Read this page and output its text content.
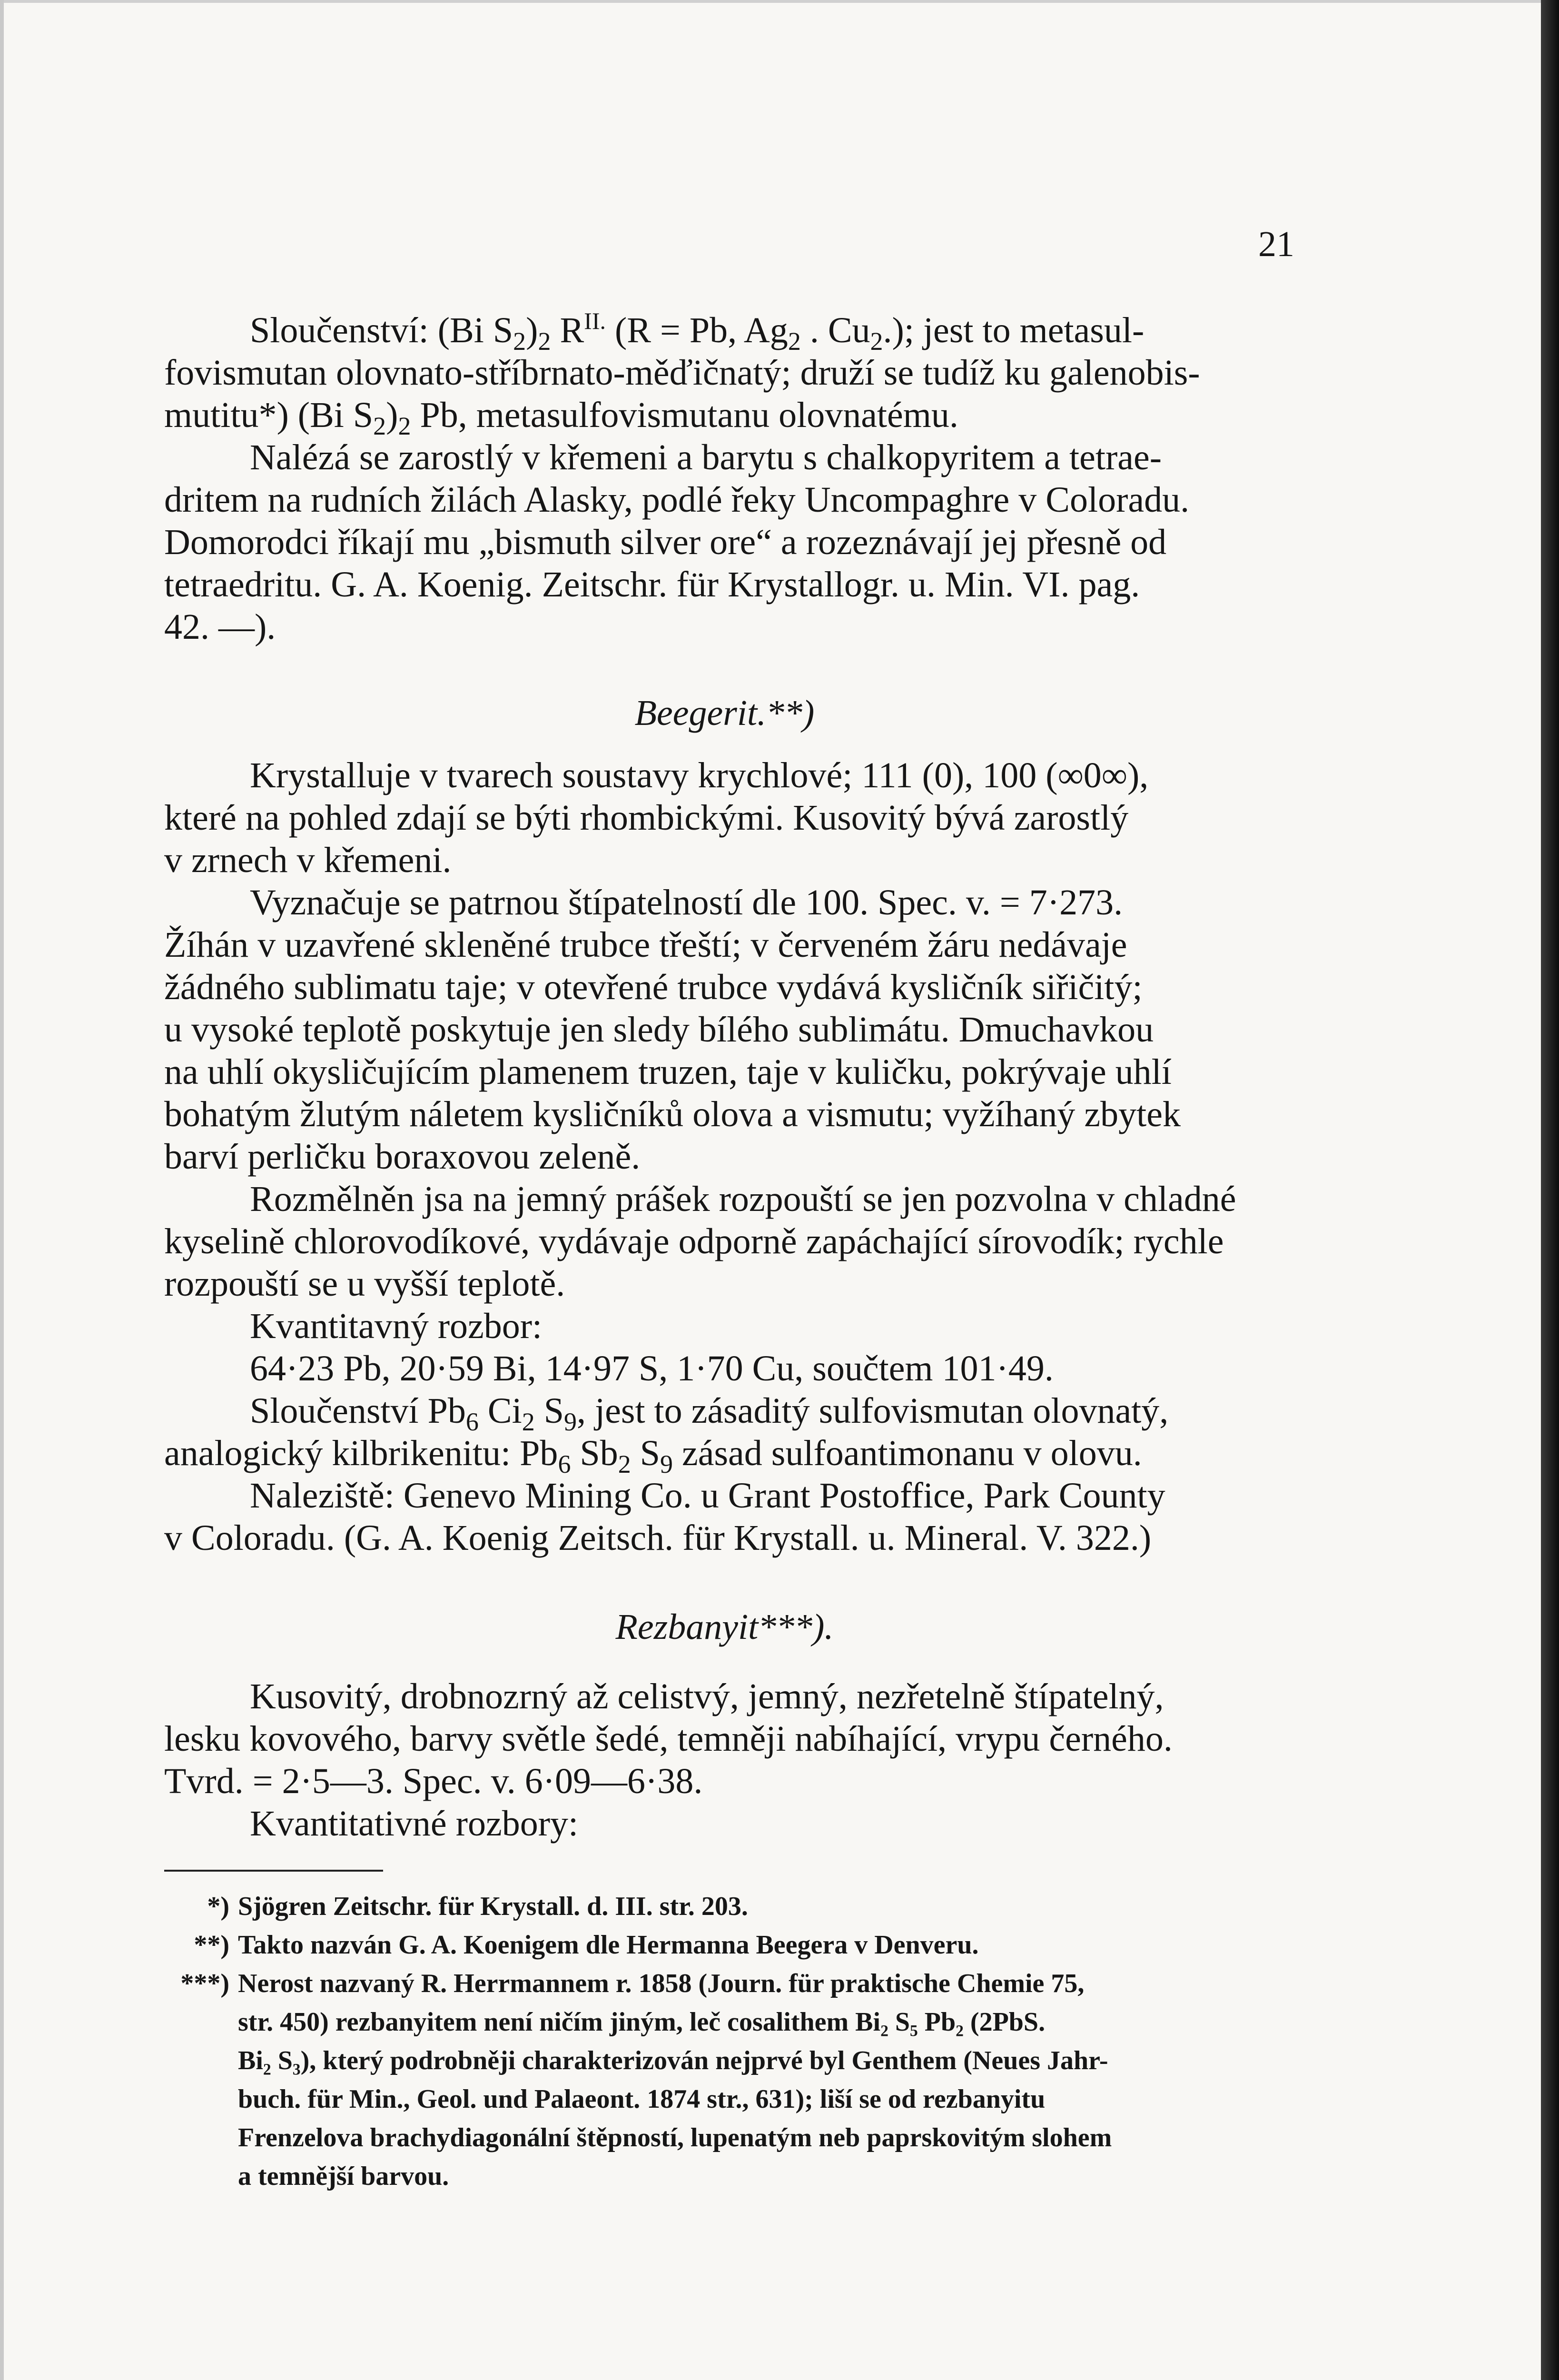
21

Sloučenství: (Bi $S_2)_2$ $R^{II.}$ (R = Pb, $Ag_2$ . $Cu_2$.); jest to metasul-
fovismutan olovnato-stříbrnato-měďičnatý; druží se tudíž ku galenobis-
mutitu*) (Bi $S_2)_2$ Pb, metasulfovismutanu olovnatému.

Nalézá se zarostlý v křemeni a barytu s chalkopyritem a tetrae-
dritem na rudních žilách Alasky, podlé řeky Uncompaghre v Coloradu.
Domorodci říkají mu „bismuth silver ore“ a rozeznávají jej přesně od
tetraedritu. G. A. Koenig. Zeitschr. für Krystallogr. u. Min. VI. pag.
42. —).

Beegerit.**)

Krystalluje v tvarech soustavy krychlové; 111 (0), 100 (∞0∞),
které na pohled zdají se býti rhombickými. Kusovitý bývá zarostlý
v zrnech v křemeni.

Vyznačuje se patrnou štípatelností dle 100. Spec. v. = 7·273.

Žíhán v uzavřené skleněné trubce třeští; v červeném žáru nedávaje
žádného sublimatu taje; v otevřené trubce vydává kysličník siřičitý;
u vysoké teplotě poskytuje jen sledy bílého sublimátu. Dmuchavkou
na uhlí okysličujícím plamenem truzen, taje v kuličku, pokrývaje uhlí
bohatým žlutým náletem kysličníků olova a vismutu; vyžíhaný zbytek
barví perličku boraxovou zeleně.

Rozmělněn jsa na jemný prášek rozpouští se jen pozvolna v chladné
kyselině chlorovodíkové, vydávaje odporně zapáchající sírovodík; rychle
rozpouští se u vyšší teplotě.

Kvantitavný rozbor:

64·23 Pb, 20·59 Bi, 14·97 S, 1·70 Cu, součtem 101·49.

Sloučenství $Pb_6$ $Ci_2$ $S_9$, jest to zásaditý sulfovismutan olovnatý,
analogický kilbrikenitu: $Pb_6$ $Sb_2$ $S_9$ zásad sulfoantimonanu v olovu.

Naleziště: Genevo Mining Co. u Grant Postoffice, Park County
v Coloradu. (G. A. Koenig Zeitsch. für Krystall. u. Mineral. V. 322.)

Rezbanyit***).

Kusovitý, drobnozrný až celistvý, jemný, nezřetelně štípatelný,
lesku kovového, barvy světle šedé, temněji nabíhající, vrypu černého.
Tvrd. = 2·5—3. Spec. v. 6·09—6·38.

Kvantitativné rozbory:

*) Sjögren Zeitschr. für Krystall. d. III. str. 203.
**) Takto nazván G. A. Koenigem dle Hermanna Beegera v Denveru.
***) Nerost nazvaný R. Herrmannem r. 1858 (Journ. für praktische Chemie 75,
str. 450) rezbanyitem není ničím jiným, leč cosalithem Bi₂ S₅ Pb₂ (2PbS.
Bi₂ S₃), který podrobněji charakterizován nejprvé byl Genthem (Neues Jahr-
buch. für Min., Geol. und Palaeont. 1874 str., 631); liší se od rezbanyitu
Frenzelova brachydiagonální štěpností, lupenatým neb paprskovitým slohem
a temnější barvou.
